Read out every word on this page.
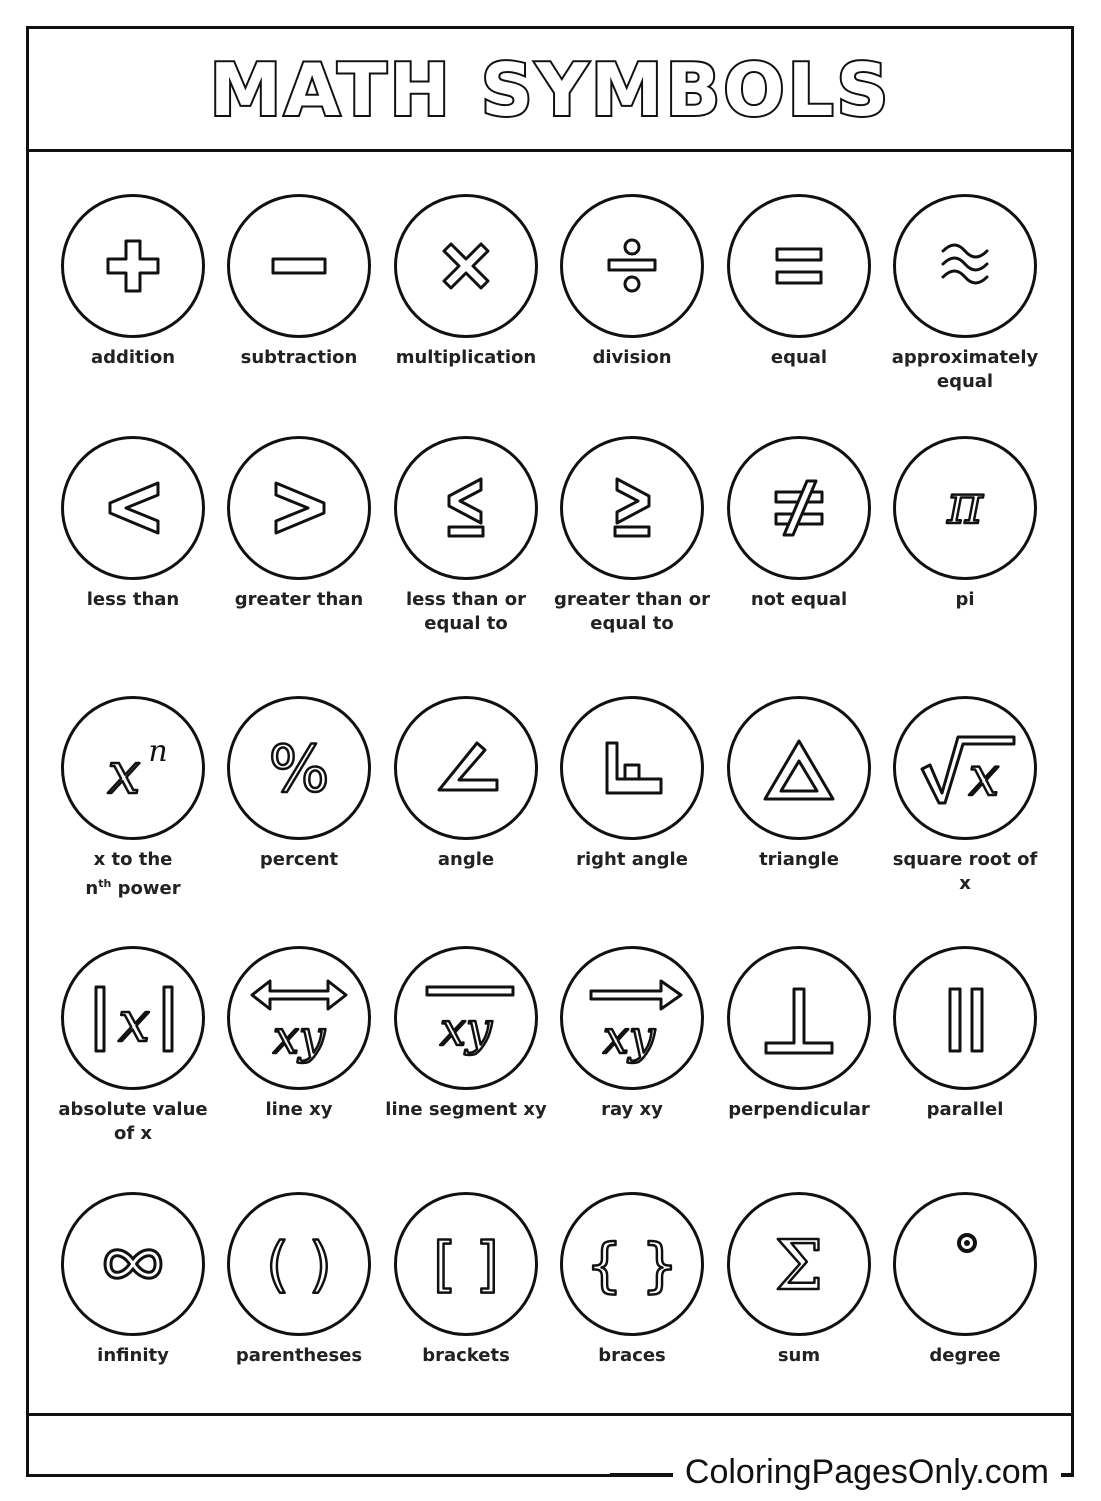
MATH SYMBOLS
addition	subtraction	multiplication	division	equal	approximately equal
less than	greater than	less than or equal to
greater than or equal to
not equal
π
pi
x n
x to the
$n^{th}$ power
%
percent	angle	right angle	triangle
x
square root of x
x
absolute value of x
xy
line xy
xy
line segment xy
xy
ray xy	perpendicular	parallel
infinity
( )
parentheses
[ ]
brackets
{ }
braces
Σ
sum	degree
ColoringPagesOnly.com
